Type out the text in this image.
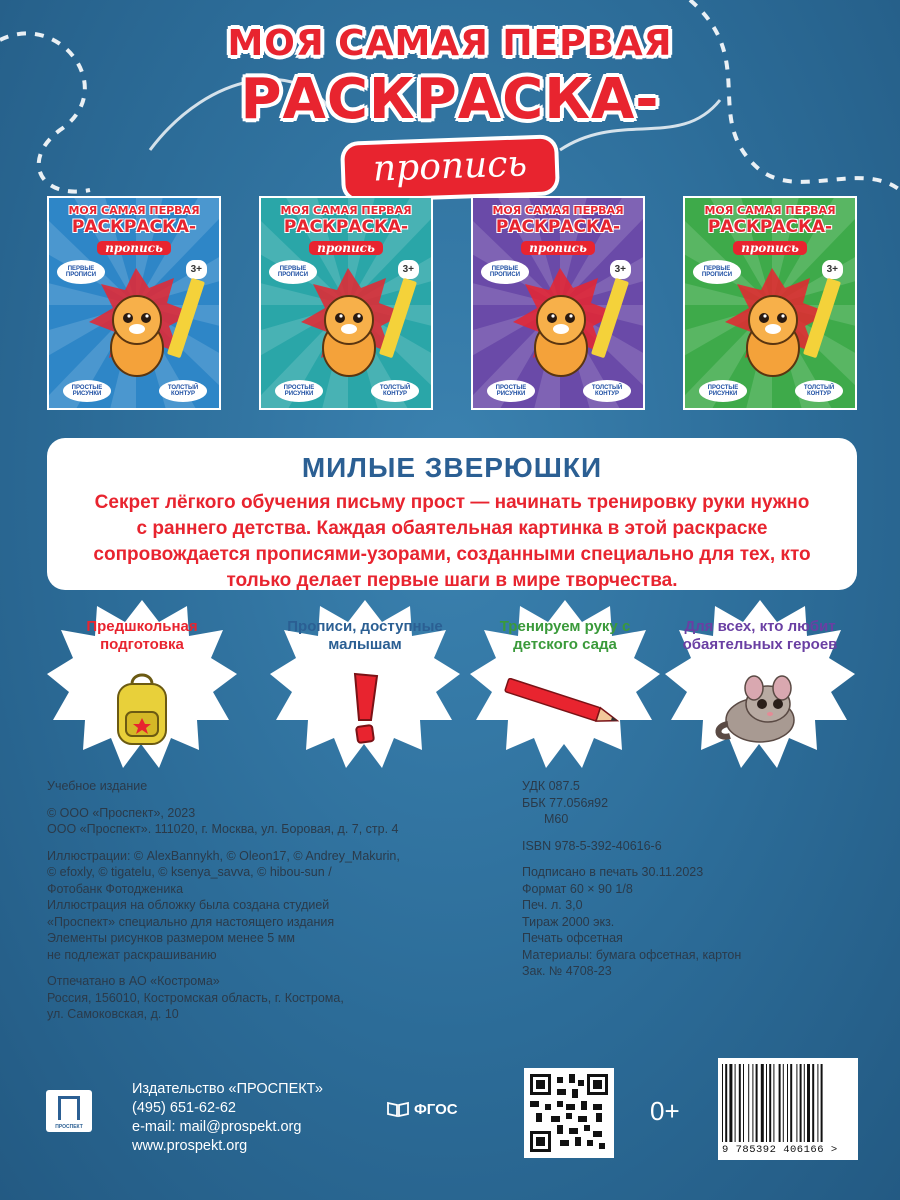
МОЯ САМАЯ ПЕРВАЯ
РАСКРАСКА-
пропись
МОЯ САМАЯ ПЕРВАЯ
РАСКРАСКА-
пропись
3+
ПЕРВЫЕ ПРОПИСИ
ПРОСТЫЕ РИСУНКИ
ТОЛСТЫЙ КОНТУР
МОЯ САМАЯ ПЕРВАЯ
РАСКРАСКА-
пропись
3+
ПЕРВЫЕ ПРОПИСИ
ПРОСТЫЕ РИСУНКИ
ТОЛСТЫЙ КОНТУР
МОЯ САМАЯ ПЕРВАЯ
РАСКРАСКА-
пропись
3+
ПЕРВЫЕ ПРОПИСИ
ПРОСТЫЕ РИСУНКИ
ТОЛСТЫЙ КОНТУР
МОЯ САМАЯ ПЕРВАЯ
РАСКРАСКА-
пропись
3+
ПЕРВЫЕ ПРОПИСИ
ПРОСТЫЕ РИСУНКИ
ТОЛСТЫЙ КОНТУР
МИЛЫЕ ЗВЕРЮШКИ
Секрет лёгкого обучения письму прост — начинать тренировку руки нужно с раннего детства. Каждая обаятельная картинка в этой раскраске сопровождается прописями-узорами, созданными специально для тех, кто только делает первые шаги в мире творчества.
Предшкольная подготовка
Прописи, доступные малышам
Тренируем руку с детского сада
Для всех, кто любит обаятельных героев

Учебное издание

© ООО «Проспект», 2023

ООО «Проспект». 111020, г. Москва, ул. Боровая, д. 7, стр. 4

Иллюстрации: © AlexBannykh, © Oleon17, © Andrey_Makurin,

© efoxly, © tigatelu, © ksenya_savva, © hibou-sun /

Фотобанк Фотодженика

Иллюстрация на обложку была создана студией

«Проспект» специально для настоящего издания

Элементы рисунков размером менее 5 мм

не подлежат раскрашиванию

Отпечатано в АО «Кострома»

Россия, 156010, Костромская область, г. Кострома,

ул. Самоковская, д. 10

УДК 087.5

ББК 77.056я92

М60

ISBN 978-5-392-40616-6

Подписано в печать 30.11.2023

Формат 60 × 90 1/8

Печ. л. 3,0

Тираж 2000 экз.

Печать офсетная

Материалы: бумага офсетная, картон

Зак. № 4708-23

ПРОСПЕКТ

Издательство «ПРОСПЕКТ»

(495) 651-62-62

e-mail: mail@prospekt.org

www.prospekt.org

ФГОС	0+
9 785392 406166 >
